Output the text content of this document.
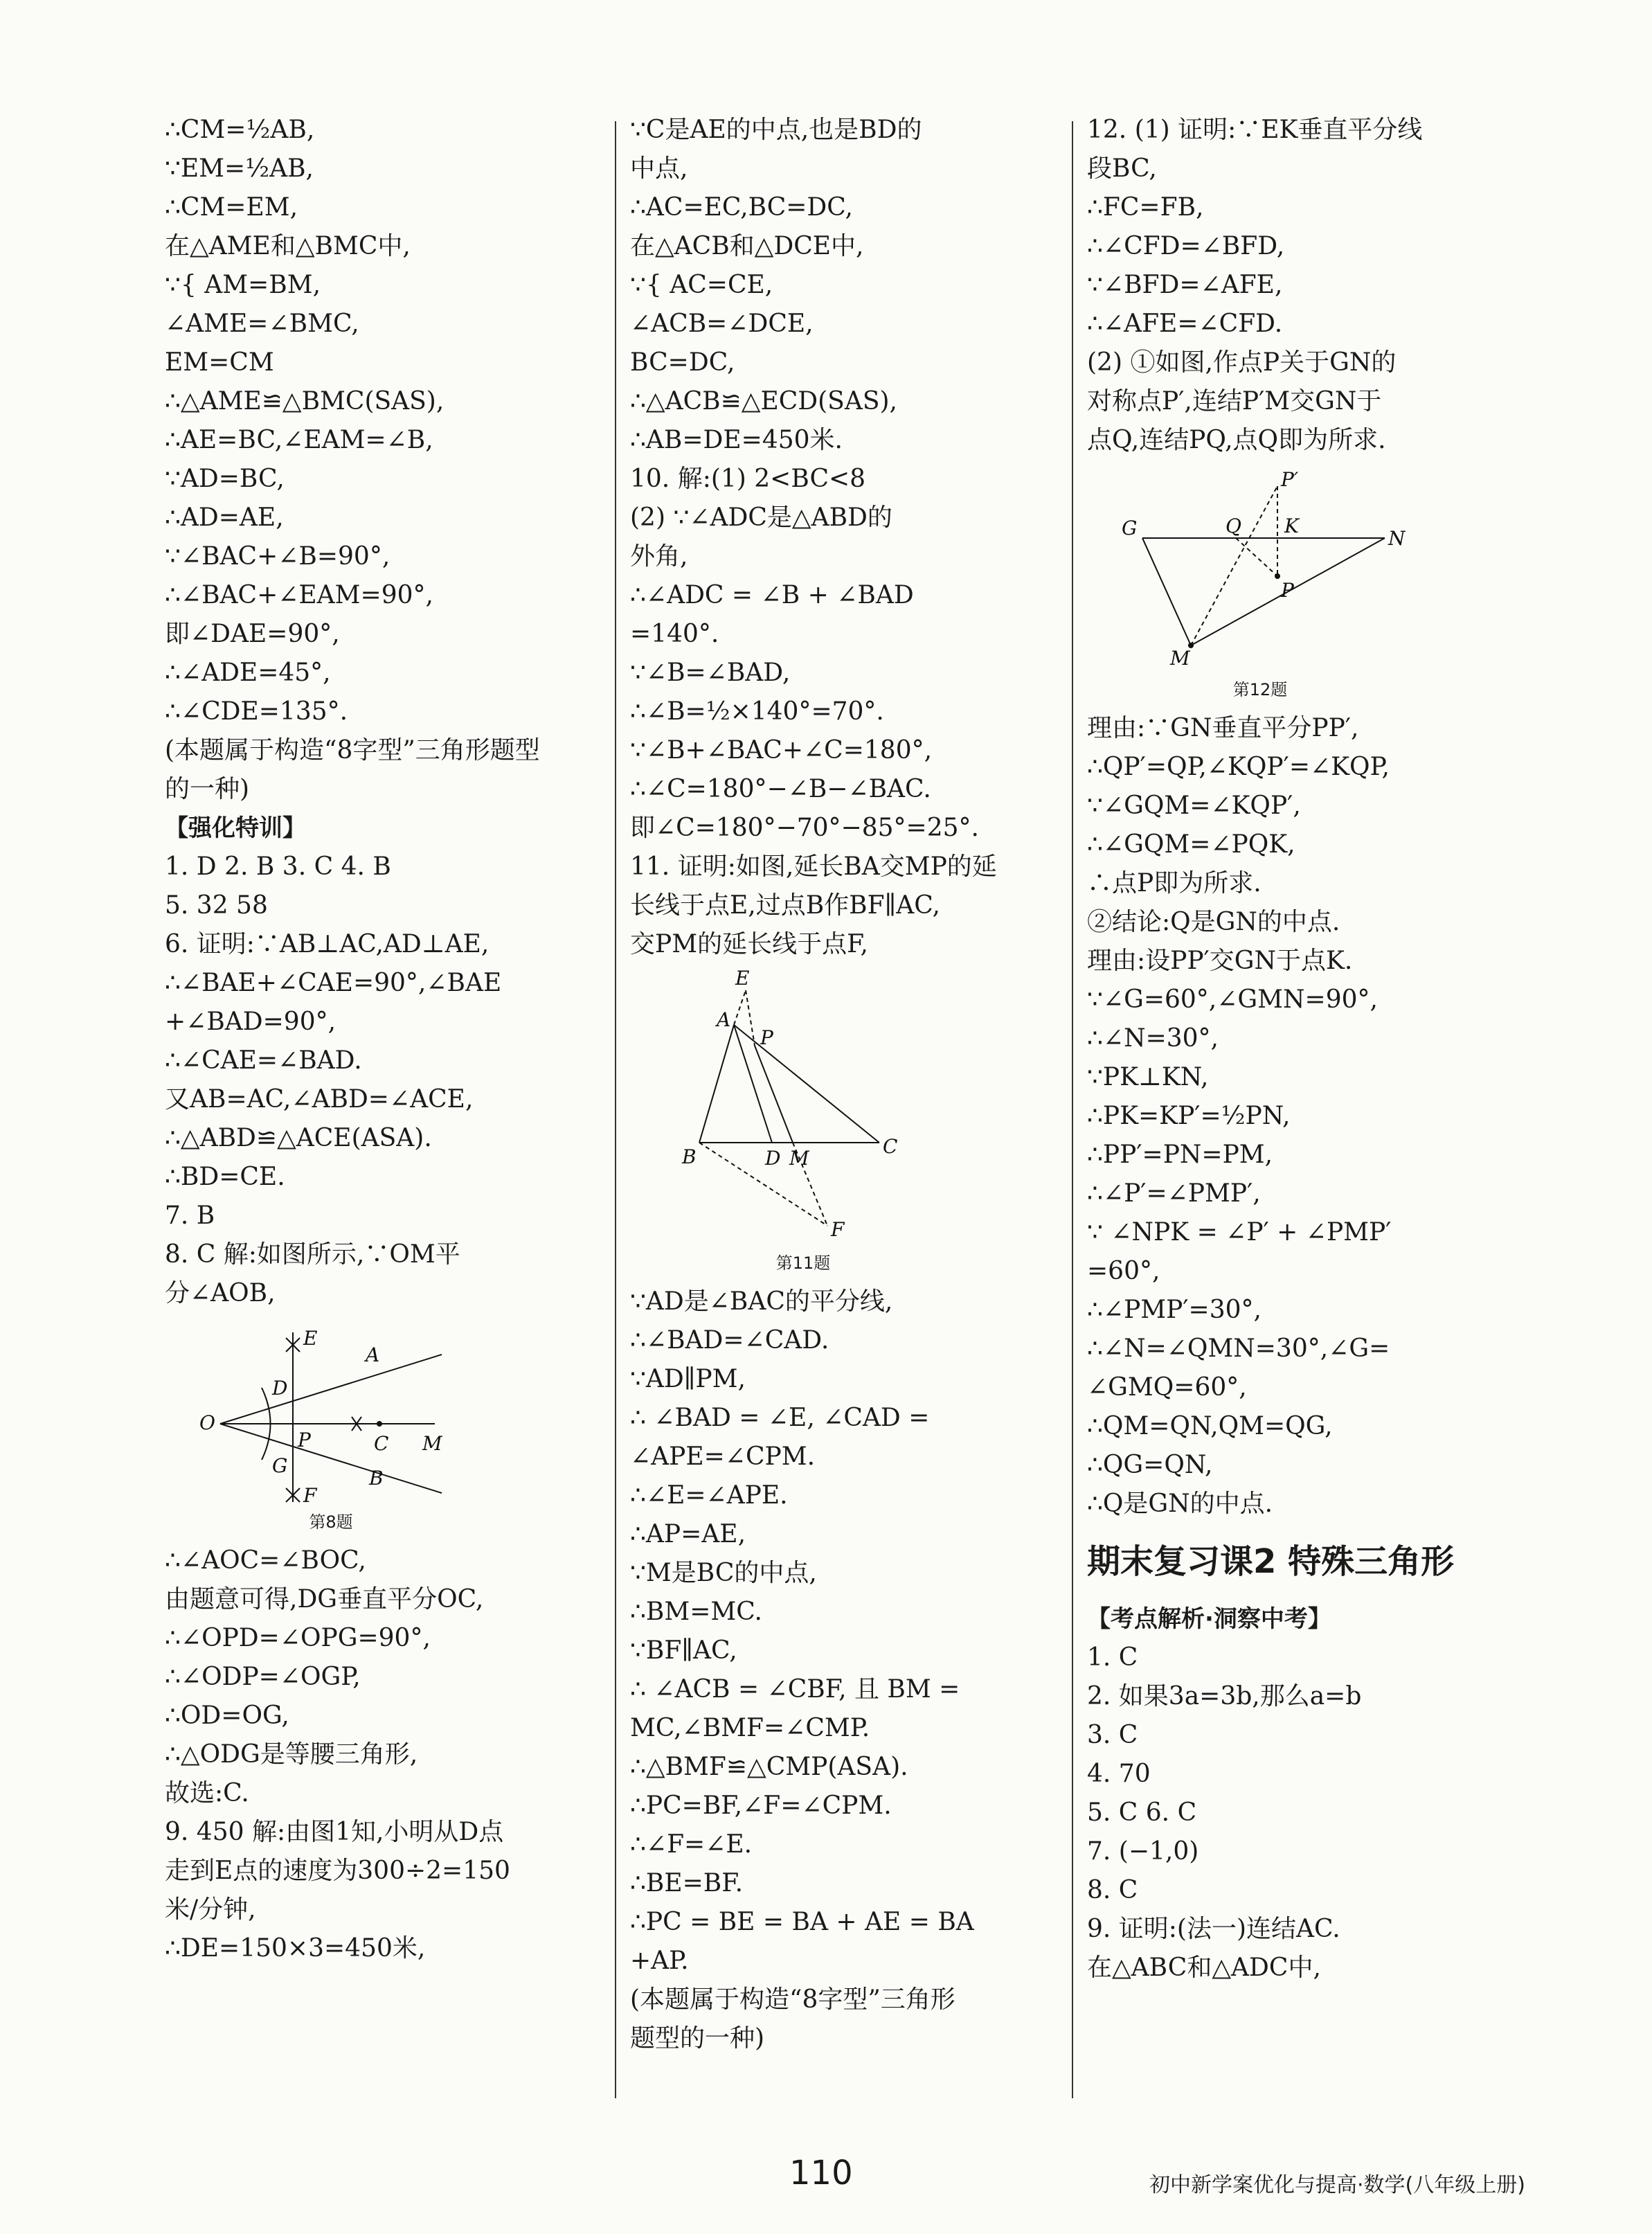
∴CM=½AB,
∵EM=½AB,
∴CM=EM,
在△AME和△BMC中,
∵{ AM=BM,
∠AME=∠BMC,
EM=CM
∴△AME≌△BMC(SAS),
∴AE=BC,∠EAM=∠B,
∵AD=BC,
∴AD=AE,
∵∠BAC+∠B=90°,
∴∠BAC+∠EAM=90°,
即∠DAE=90°,
∴∠ADE=45°,
∴∠CDE=135°.
(本题属于构造“8字型”三角形题型
的一种)
【强化特训】
1. D 2. B 3. C 4. B
5. 32 58
6. 证明:∵AB⊥AC,AD⊥AE,
∴∠BAE+∠CAE=90°,∠BAE
+∠BAD=90°,
∴∠CAE=∠BAD.
又AB=AC,∠ABD=∠ACE,
∴△ABD≌△ACE(ASA).
∴BD=CE.
7. B
8. C 解:如图所示,∵OM平
分∠AOB,
E
A
D
O
P	C M
G
B
F
第8题
∴∠AOC=∠BOC,
由题意可得,DG垂直平分OC,
∴∠OPD=∠OPG=90°,
∴∠ODP=∠OGP,
∴OD=OG,
∴△ODG是等腰三角形,
故选:C.
9. 450 解:由图1知,小明从D点
走到E点的速度为300÷2=150
米/分钟,
∴DE=150×3=450米,
∵C是AE的中点,也是BD的
中点,
∴AC=EC,BC=DC,
在△ACB和△DCE中,
∵{ AC=CE,
∠ACB=∠DCE,
BC=DC,
∴△ACB≌△ECD(SAS),
∴AB=DE=450米.
10. 解:(1) 2<BC<8
(2) ∵∠ADC是△ABD的
外角,
∴∠ADC = ∠B + ∠BAD
=140°.
∵∠B=∠BAD,
∴∠B=½×140°=70°.
∵∠B+∠BAC+∠C=180°,
∴∠C=180°−∠B−∠BAC.
即∠C=180°−70°−85°=25°.
11. 证明:如图,延长BA交MP的延
长线于点E,过点B作BF∥AC,
交PM的延长线于点F,
E
A
P
B	D M
C
F
第11题
∵AD是∠BAC的平分线,
∴∠BAD=∠CAD.
∵AD∥PM,
∴ ∠BAD = ∠E, ∠CAD =
∠APE=∠CPM.
∴∠E=∠APE.
∴AP=AE,
∵M是BC的中点,
∴BM=MC.
∵BF∥AC,
∴ ∠ACB = ∠CBF, 且 BM =
MC,∠BMF=∠CMP.
∴△BMF≌△CMP(ASA).
∴PC=BF,∠F=∠CPM.
∴∠F=∠E.
∴BE=BF.
∴PC = BE = BA + AE = BA
+AP.
(本题属于构造“8字型”三角形
题型的一种)
12. (1) 证明:∵EK垂直平分线
段BC,
∴FC=FB,
∴∠CFD=∠BFD,
∵∠BFD=∠AFE,
∴∠AFE=∠CFD.
(2) ①如图,作点P关于GN的
对称点P′,连结P′M交GN于
点Q,连结PQ,点Q即为所求.
P′
G	Q K
N
P
M
第12题
理由:∵GN垂直平分PP′,
∴QP′=QP,∠KQP′=∠KQP,
∵∠GQM=∠KQP′,
∴∠GQM=∠PQK,
∴点P即为所求.
②结论:Q是GN的中点.
理由:设PP′交GN于点K.
∵∠G=60°,∠GMN=90°,
∴∠N=30°,
∵PK⊥KN,
∴PK=KP′=½PN,
∴PP′=PN=PM,
∴∠P′=∠PMP′,
∵ ∠NPK = ∠P′ + ∠PMP′
=60°,
∴∠PMP′=30°,
∴∠N=∠QMN=30°,∠G=
∠GMQ=60°,
∴QM=QN,QM=QG,
∴QG=QN,
∴Q是GN的中点.
期末复习课2 特殊三角形
【考点解析·洞察中考】
1. C
2. 如果3a=3b,那么a=b
3. C
4. 70
5. C 6. C
7. (−1,0)
8. C
9. 证明:(法一)连结AC.
在△ABC和△ADC中,
110	初中新学案优化与提高·数学(八年级上册)
